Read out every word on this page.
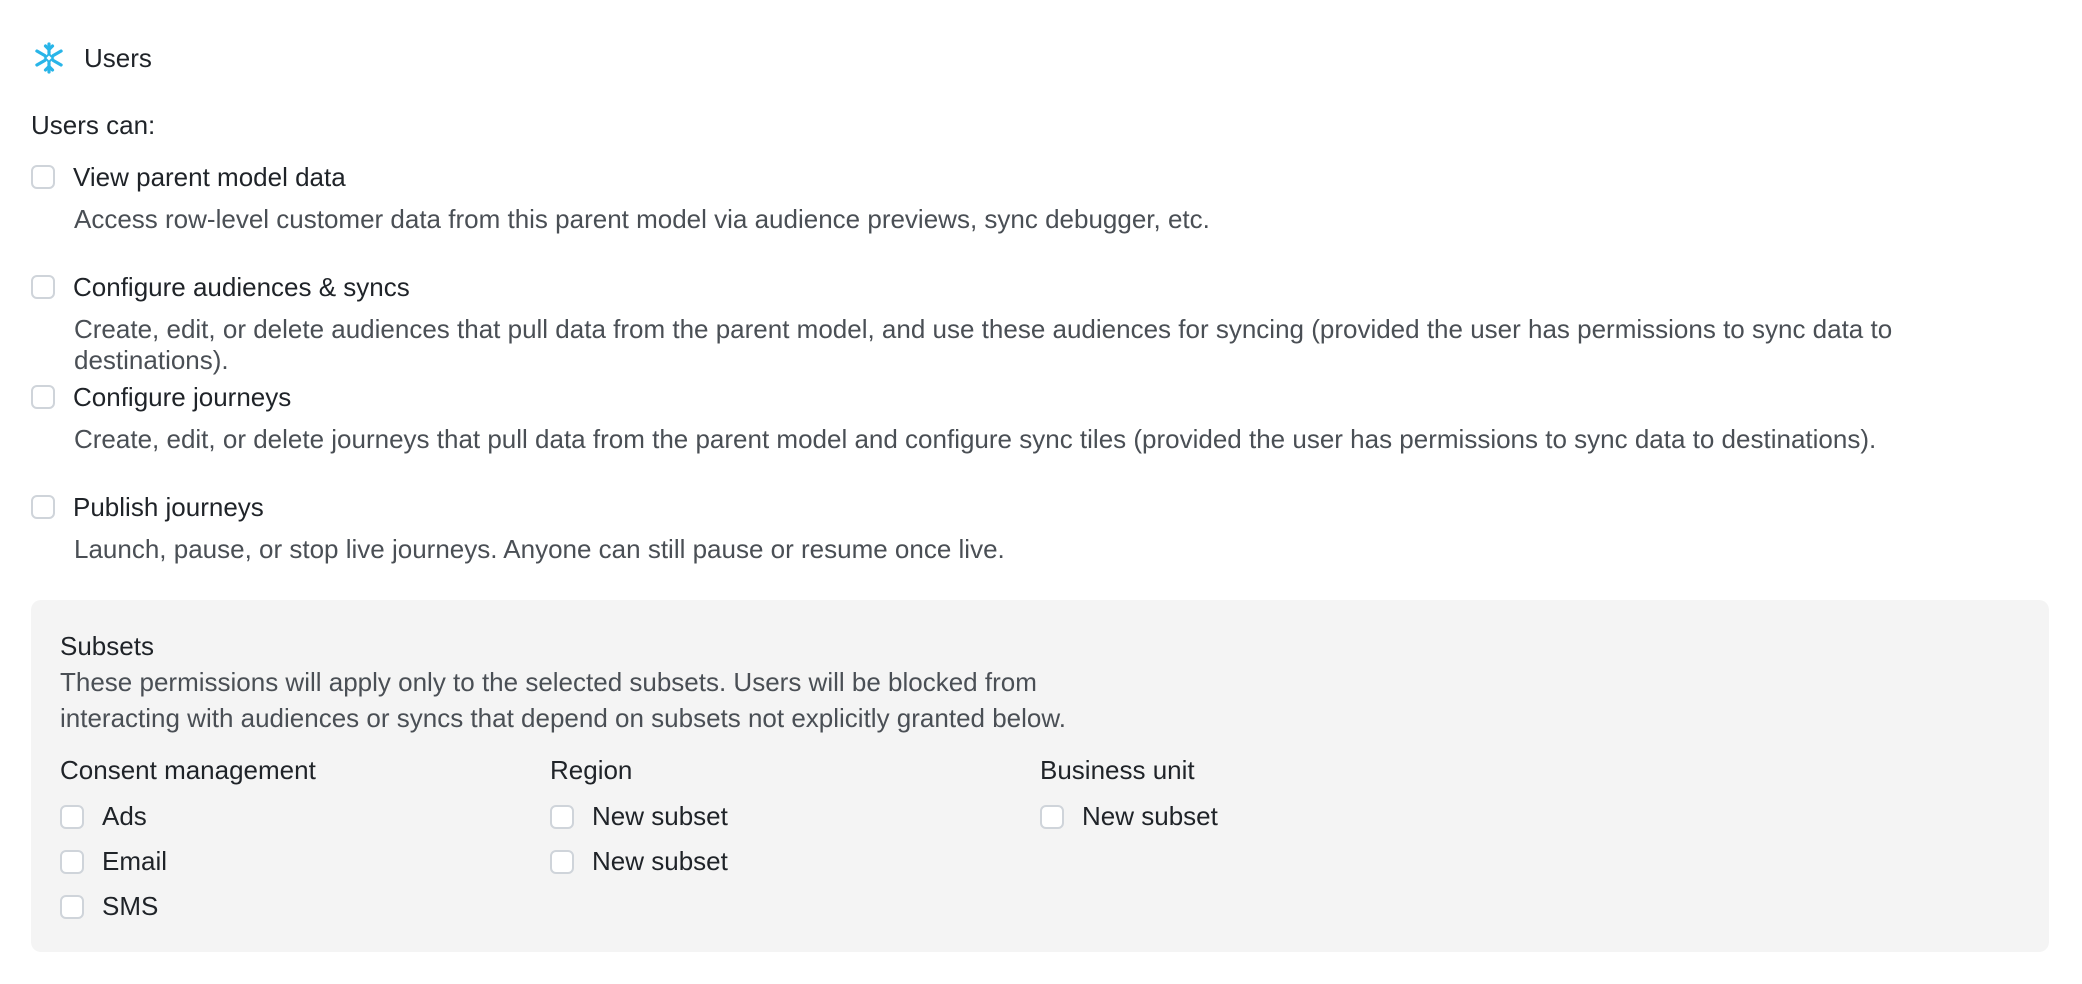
Users
Users can:
View parent model data
Access row-level customer data from this parent model via audience previews, sync debugger, etc.
Configure audiences & syncs
Create, edit, or delete audiences that pull data from the parent model, and use these audiences for syncing (provided the user has permissions to sync data to destinations).
Configure journeys
Create, edit, or delete journeys that pull data from the parent model and configure sync tiles (provided the user has permissions to sync data to destinations).
Publish journeys
Launch, pause, or stop live journeys. Anyone can still pause or resume once live.
Subsets
These permissions will apply only to the selected subsets. Users will be blocked from interacting with audiences or syncs that depend on subsets not explicitly granted below.
Consent management
Ads
Email
SMS
Region
New subset
New subset
Business unit
New subset
